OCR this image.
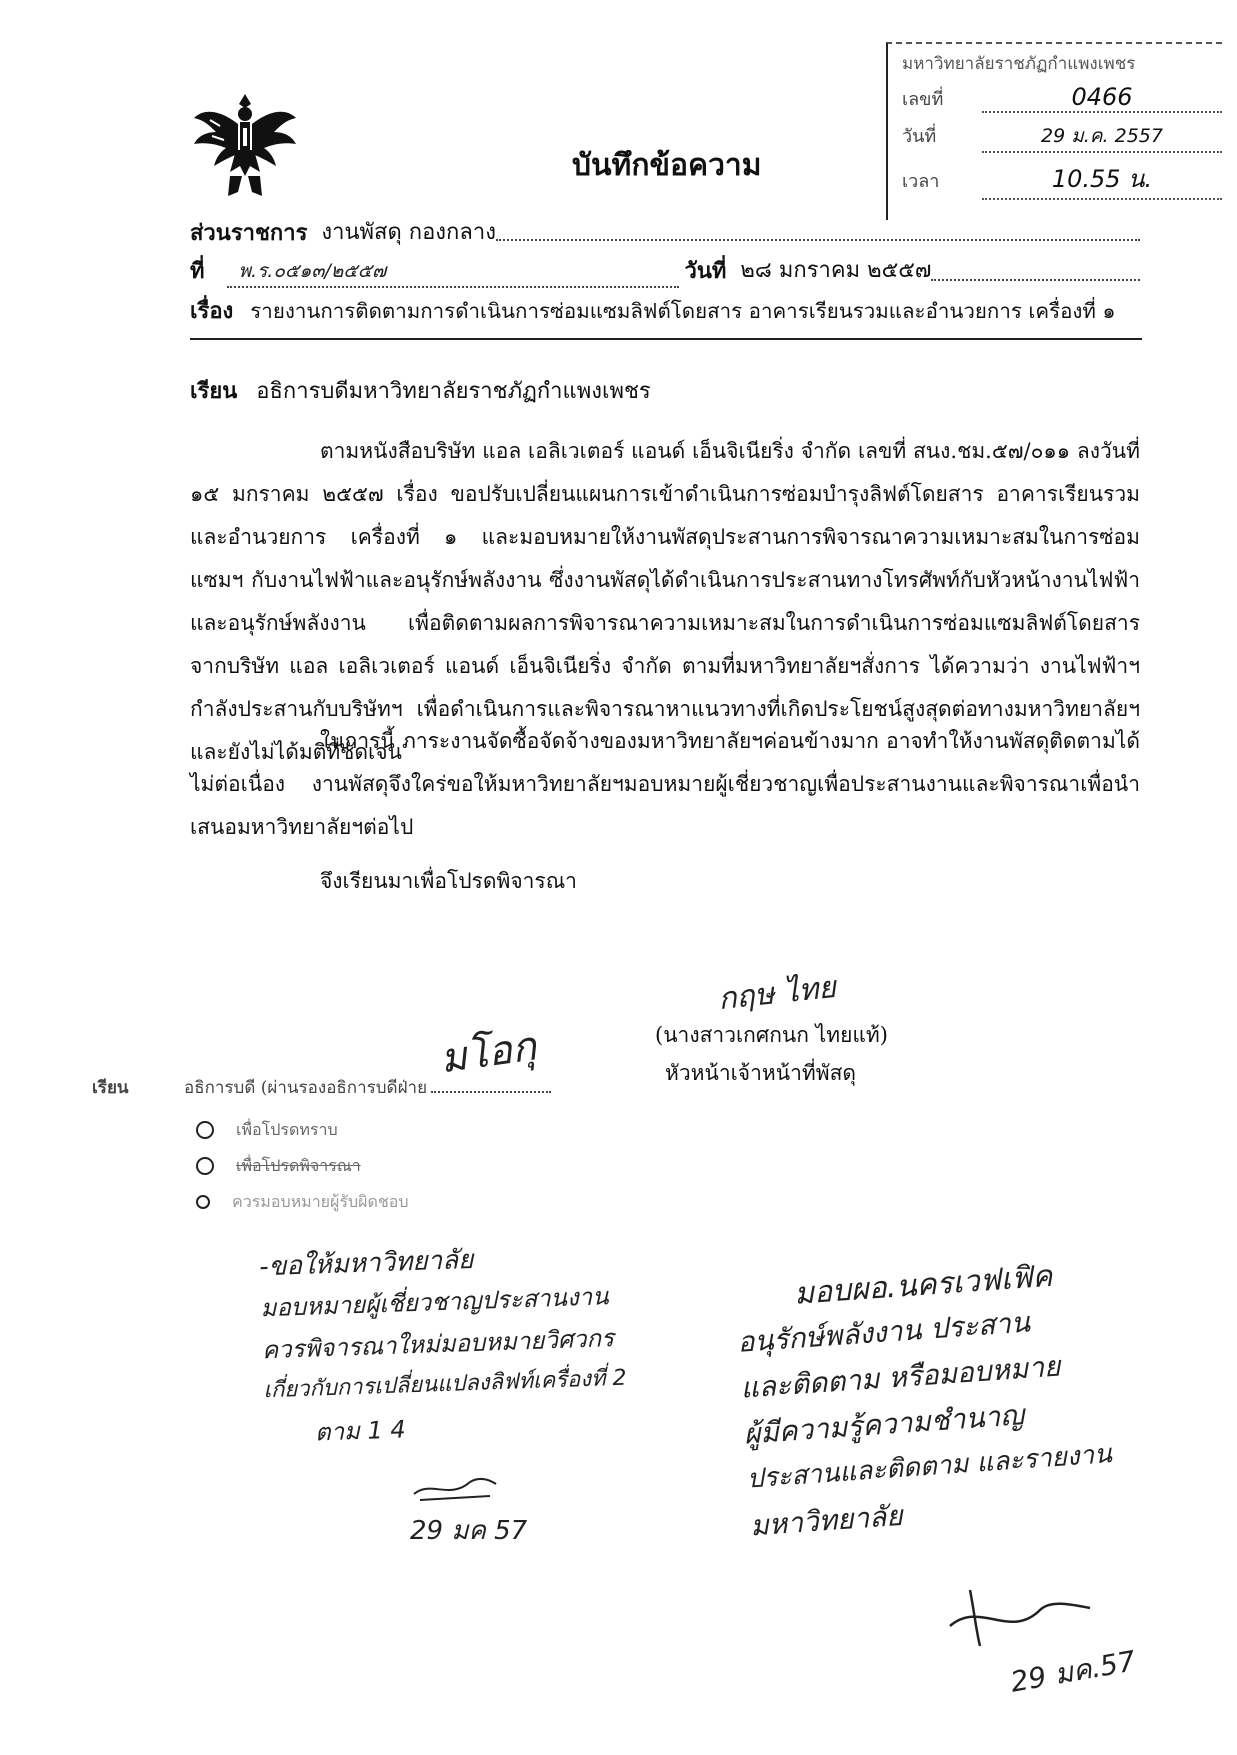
มหาวิทยาลัยราชภัฏกำแพงเพชร
เลขที่	0466
วันที่	29 ม.ค. 2557
เวลา	10.55 น.
บันทึกข้อความ
ส่วนราชการ งานพัสดุ กองกลาง
ที่	พ.ร.๐๕๑๓/๒๕๕๗	วันที่ ๒๘ มกราคม ๒๕๕๗
เรื่อง รายงานการติดตามการดำเนินการซ่อมแซมลิฟต์โดยสาร อาคารเรียนรวมและอำนวยการ เครื่องที่ ๑
เรียน อธิการบดีมหาวิทยาลัยราชภัฏกำแพงเพชร
ตามหนังสือบริษัท แอล เอลิเวเตอร์ แอนด์ เอ็นจิเนียริ่ง จำกัด เลขที่ สนง.ชม.๕๗/๐๑๑ ลงวันที่ ๑๕ มกราคม ๒๕๕๗ เรื่อง ขอปรับเปลี่ยนแผนการเข้าดำเนินการซ่อมบำรุงลิฟต์โดยสาร อาคารเรียนรวมและอำนวยการ เครื่องที่ ๑ และมอบหมายให้งานพัสดุประสานการพิจารณาความเหมาะสมในการซ่อมแซมฯ กับงานไฟฟ้าและอนุรักษ์พลังงาน ซึ่งงานพัสดุได้ดำเนินการประสานทางโทรศัพท์กับหัวหน้างานไฟฟ้าและอนุรักษ์พลังงาน เพื่อติดตามผลการพิจารณาความเหมาะสมในการดำเนินการซ่อมแซมลิฟต์โดยสารจากบริษัท แอล เอลิเวเตอร์ แอนด์ เอ็นจิเนียริ่ง จำกัด ตามที่มหาวิทยาลัยฯสั่งการ ได้ความว่า งานไฟฟ้าฯกำลังประสานกับบริษัทฯ เพื่อดำเนินการและพิจารณาหาแนวทางที่เกิดประโยชน์สูงสุดต่อทางมหาวิทยาลัยฯ และยังไม่ได้มติที่ชัดเจน
ในการนี้ ภาระงานจัดซื้อจัดจ้างของมหาวิทยาลัยฯค่อนข้างมาก อาจทำให้งานพัสดุติดตามได้ไม่ต่อเนื่อง งานพัสดุจึงใคร่ขอให้มหาวิทยาลัยฯมอบหมายผู้เชี่ยวชาญเพื่อประสานงานและพิจารณาเพื่อนำเสนอมหาวิทยาลัยฯต่อไป
จึงเรียนมาเพื่อโปรดพิจารณา
กฤษ ไทย
(นางสาวเกศกนก ไทยแท้)
หัวหน้าเจ้าหน้าที่พัสดุ
มโอกุ
เรียน	อธิการบดี (ผ่านรองอธิการบดีฝ่าย
เพื่อโปรดทราบ
เพื่อโปรดพิจารณา
ควรมอบหมายผู้รับผิดชอบ
-ขอให้มหาวิทยาลัย
มอบหมายผู้เชี่ยวชาญประสานงาน
ควรพิจารณาใหม่มอบหมายวิศวกร
เกี่ยวกับการเปลี่ยนแปลงลิฟท์เครื่องที่ 2
ตาม 1 4
29 มค 57
มอบผอ.นครเวฟเฟิค
อนุรักษ์พลังงาน ประสาน
และติดตาม หรือมอบหมาย
ผู้มีความรู้ความชำนาญ
ประสานและติดตาม และรายงาน
มหาวิทยาลัย
29 มค.57
